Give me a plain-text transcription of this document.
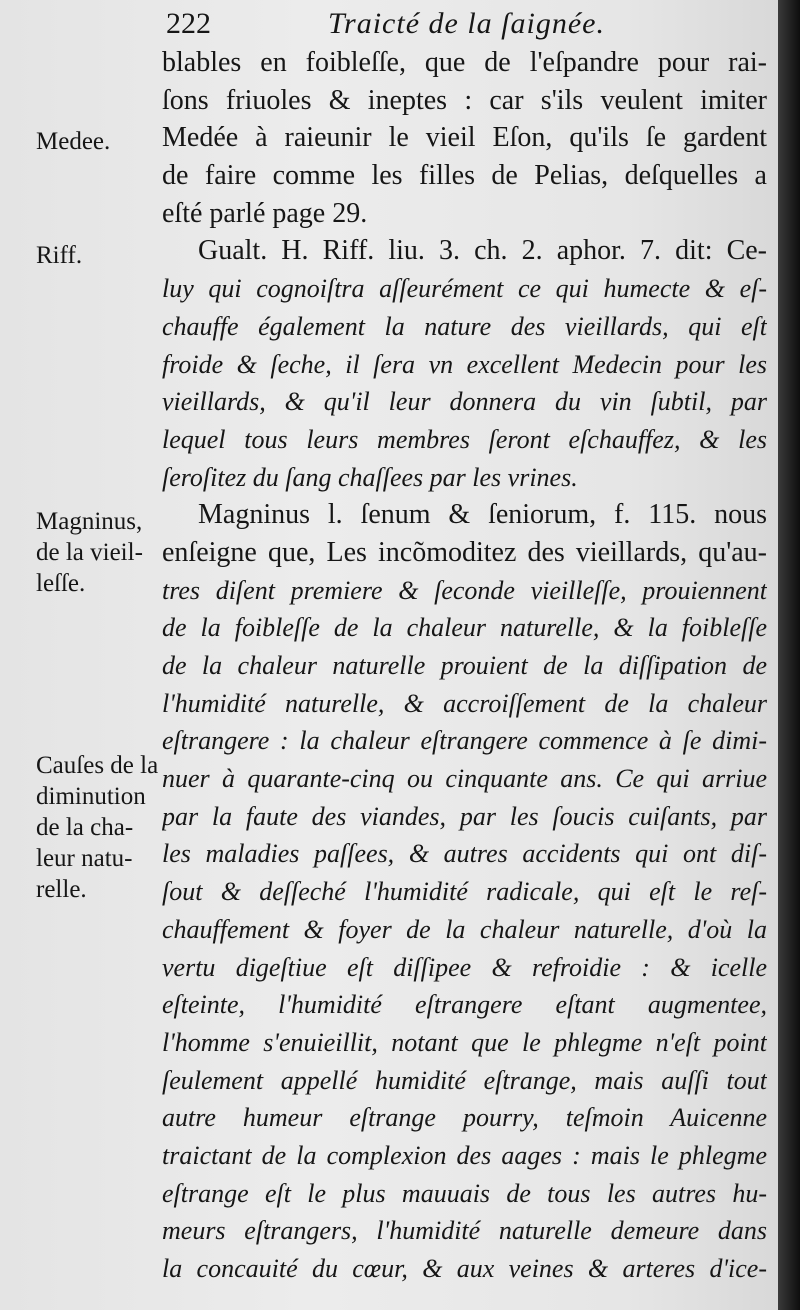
222	Traicté de la ſaignée.
Medee.
Riff.
Magninus,
de la vieil-
leſſe.
Cauſes de la
diminution
de la cha-
leur natu-
relle.
blables en foibleſſe, que de l'eſpandre pour rai-
ſons friuoles & ineptes : car s'ils veulent imiter
Medée à raieunir le vieil Eſon, qu'ils ſe gardent
de faire comme les filles de Pelias, deſquelles a
eſté parlé page 29.
Gualt. H. Riff. liu. 3. ch. 2. aphor. 7. dit: Ce-
luy qui cognoiſtra aſſeurément ce qui humecte & eſ-
chauffe également la nature des vieillards, qui eſt
froide & ſeche, il ſera vn excellent Medecin pour les
vieillards, & qu'il leur donnera du vin ſubtil, par
lequel tous leurs membres ſeront eſchauffez, & les
ſeroſitez du ſang chaſſees par les vrines.
Magninus l. ſenum & ſeniorum, f. 115. nous
enſeigne que, Les incõmoditez des vieillards, qu'au-
tres diſent premiere & ſeconde vieilleſſe, prouiennent
de la foibleſſe de la chaleur naturelle, & la foibleſſe
de la chaleur naturelle prouient de la diſſipation de
l'humidité naturelle, & accroiſſement de la chaleur
eſtrangere : la chaleur eſtrangere commence à ſe dimi-
nuer à quarante-cinq ou cinquante ans. Ce qui arriue
par la faute des viandes, par les ſoucis cuiſants, par
les maladies paſſees, & autres accidents qui ont diſ-
ſout & deſſeché l'humidité radicale, qui eſt le reſ-
chauffement & foyer de la chaleur naturelle, d'où la
vertu digeſtiue eſt diſſipee & refroidie : & icelle
eſteinte, l'humidité eſtrangere eſtant augmentee,
l'homme s'enuieillit, notant que le phlegme n'eſt point
ſeulement appellé humidité eſtrange, mais auſſi tout
autre humeur eſtrange pourry, teſmoin Auicenne
traictant de la complexion des aages : mais le phlegme
eſtrange eſt le plus mauuais de tous les autres hu-
meurs eſtrangers, l'humidité naturelle demeure dans
la concauité du cœur, & aux veines & arteres d'ice-
